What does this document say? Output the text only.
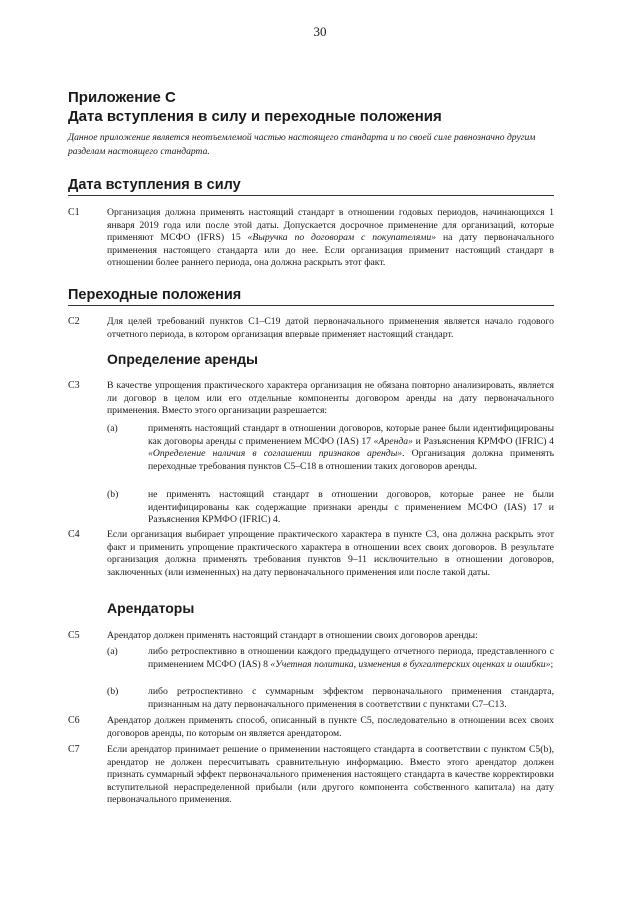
30
Приложение С
Дата вступления в силу и переходные положения
Данное приложение является неотъемлемой частью настоящего стандарта и по своей силе равнозначно другим разделам настоящего стандарта.
Дата вступления в силу
C1	Организация должна применять настоящий стандарт в отношении годовых периодов, начинающихся 1 января 2019 года или после этой даты. Допускается досрочное применение для организаций, которые применяют МСФО (IFRS) 15 «Выручка по договорам с покупателями» на дату первоначального применения настоящего стандарта или до нее. Если организация применит настоящий стандарт в отношении более раннего периода, она должна раскрыть этот факт.
Переходные положения
C2	Для целей требований пунктов С1–С19 датой первоначального применения является начало годового отчетного периода, в котором организация впервые применяет настоящий стандарт.
Определение аренды
C3	В качестве упрощения практического характера организация не обязана повторно анализировать, является ли договор в целом или его отдельные компоненты договором аренды на дату первоначального применения. Вместо этого организации разрешается:
(a)	применять настоящий стандарт в отношении договоров, которые ранее были идентифицированы как договоры аренды с применением МСФО (IAS) 17 «Аренда» и Разъяснения КРМФО (IFRIC) 4 «Определение наличия в соглашении признаков аренды». Организация должна применять переходные требования пунктов С5–С18 в отношении таких договоров аренды.
(b)	не применять настоящий стандарт в отношении договоров, которые ранее не были идентифицированы как содержащие признаки аренды с применением МСФО (IAS) 17 и Разъяснения КРМФО (IFRIC) 4.
C4	Если организация выбирает упрощение практического характера в пункте С3, она должна раскрыть этот факт и применить упрощение практического характера в отношении всех своих договоров. В результате организация должна применять требования пунктов 9–11 исключительно в отношении договоров, заключенных (или измененных) на дату первоначального применения или после такой даты.
Арендаторы
C5	Арендатор должен применять настоящий стандарт в отношении своих договоров аренды:
(a)	либо ретроспективно в отношении каждого предыдущего отчетного периода, представленного с применением МСФО (IAS) 8 «Учетная политика, изменения в бухгалтерских оценках и ошибки»;
(b)	либо ретроспективно с суммарным эффектом первоначального применения стандарта, признанным на дату первоначального применения в соответствии с пунктами С7–С13.
C6	Арендатор должен применять способ, описанный в пункте С5, последовательно в отношении всех своих договоров аренды, по которым он является арендатором.
C7	Если арендатор принимает решение о применении настоящего стандарта в соответствии с пунктом С5(b), арендатор не должен пересчитывать сравнительную информацию. Вместо этого арендатор должен признать суммарный эффект первоначального применения настоящего стандарта в качестве корректировки вступительной нераспределенной прибыли (или другого компонента собственного капитала) на дату первоначального применения.
